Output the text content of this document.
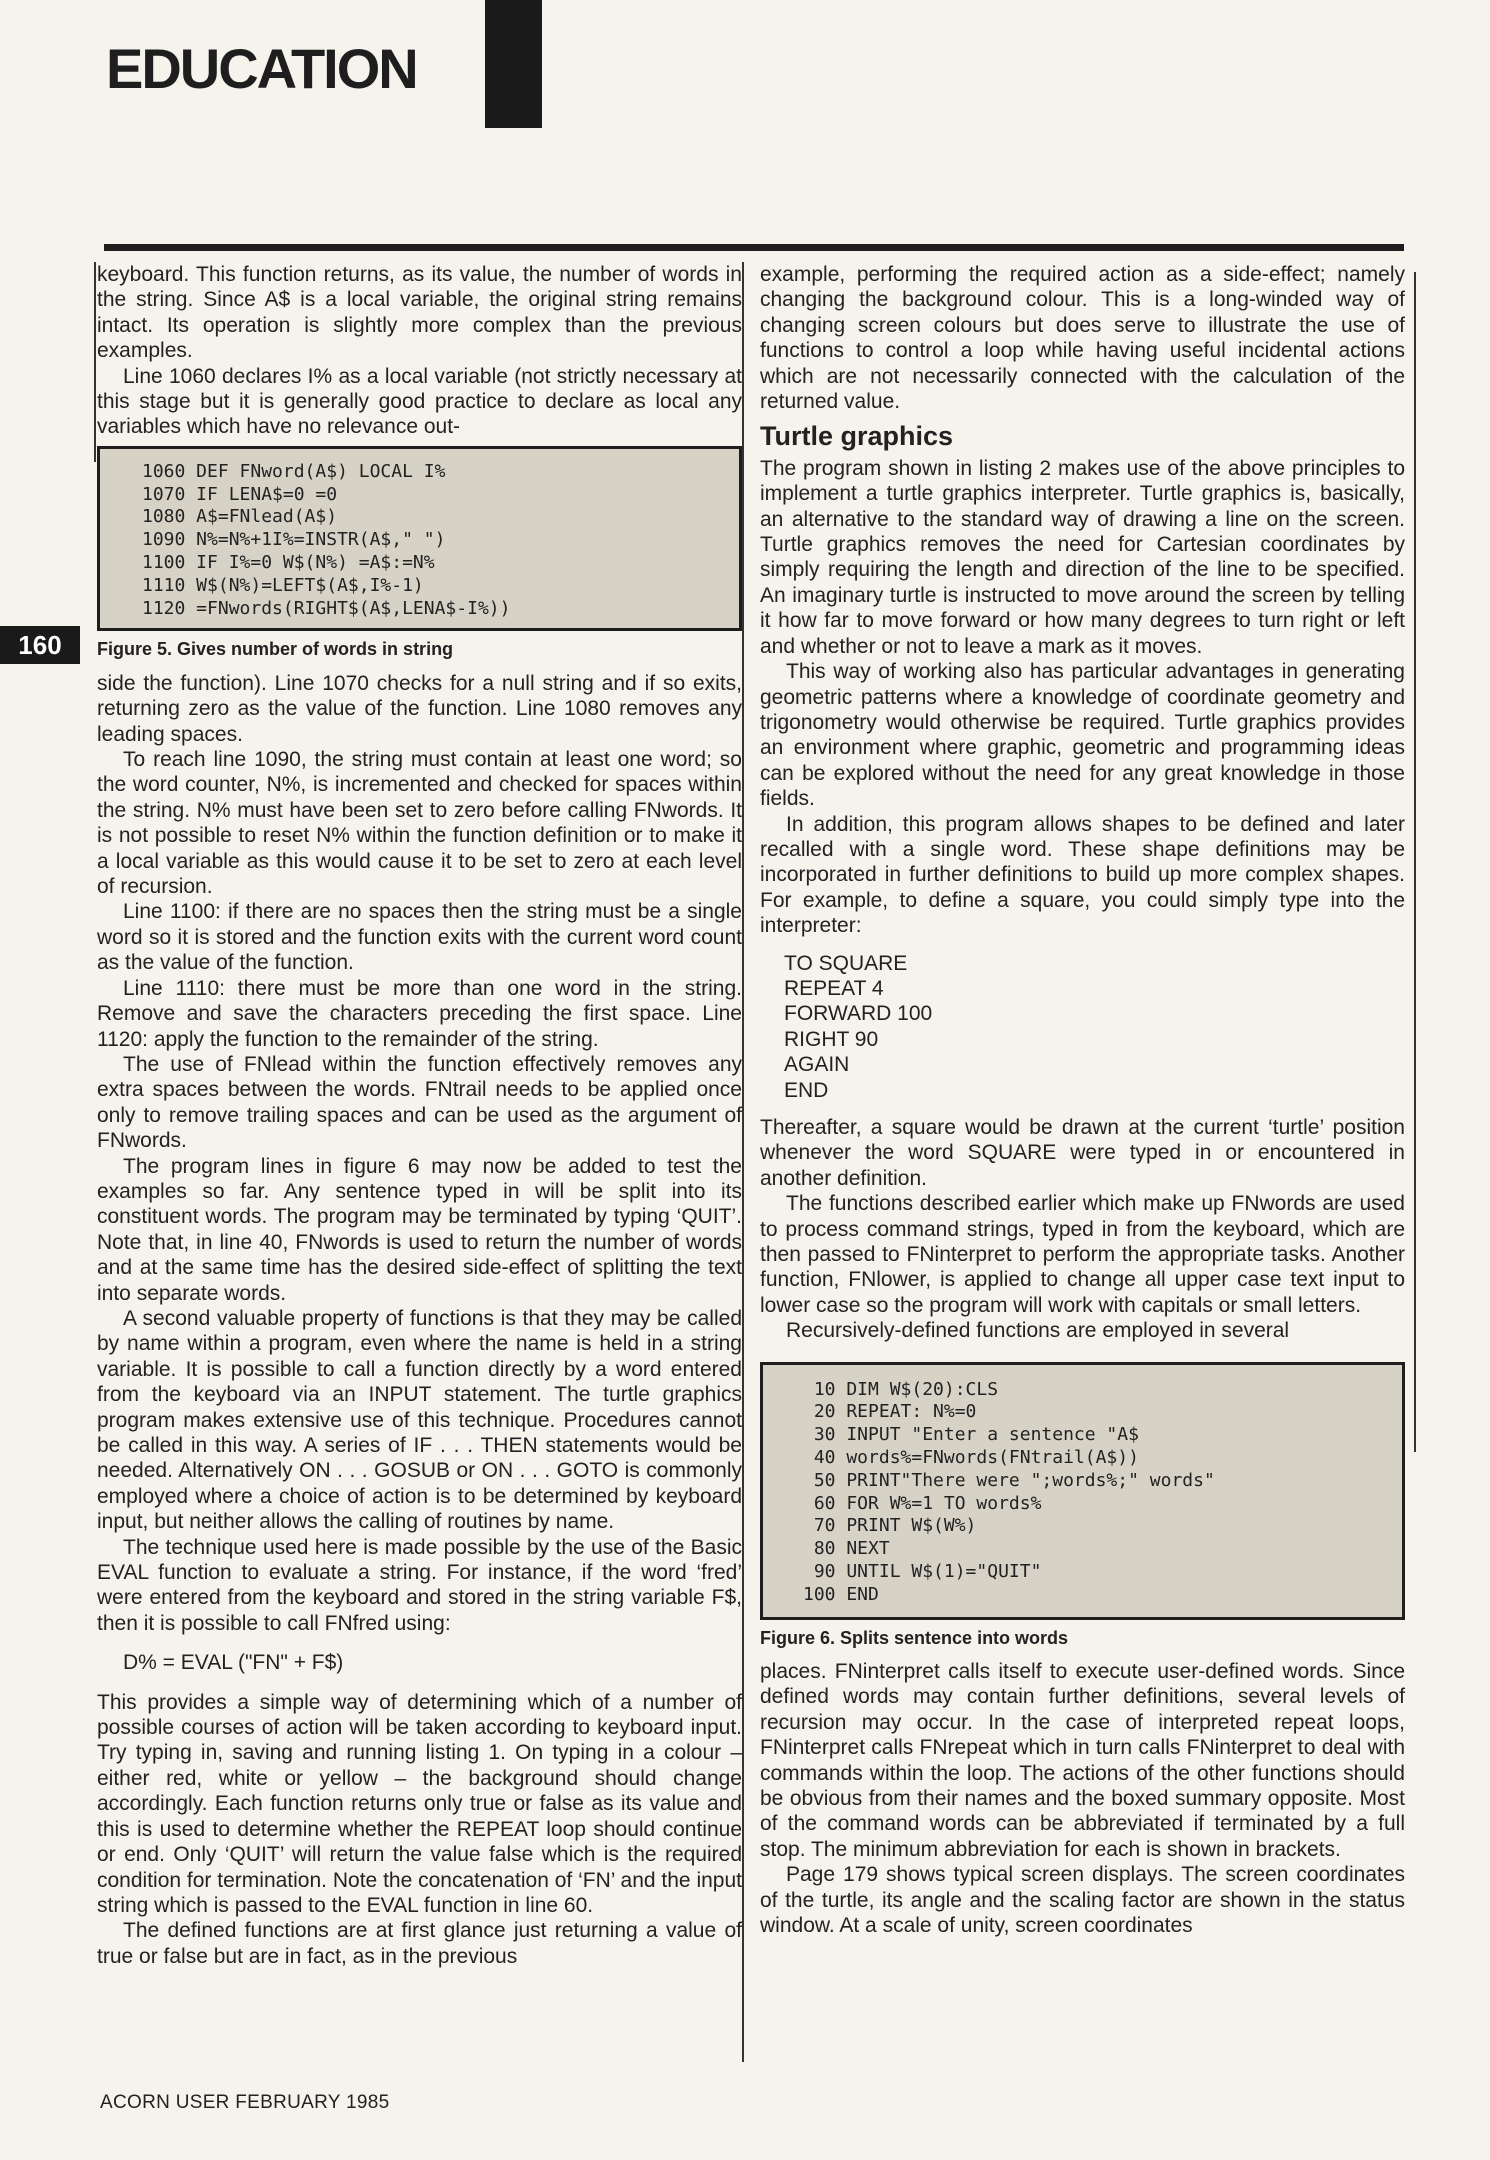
EDUCATION
160

keyboard. This function returns, as its value, the number of words in the string. Since A$ is a local variable, the original string remains intact. Its operation is slightly more complex than the previous examples.

Line 1060 declares I% as a local variable (not strictly necessary at this stage but it is generally good practice to declare as local any variables which have no relevance out-

1060 DEF FNword(A$) LOCAL I%
1070 IF LENA$=0 =0
1080 A$=FNlead(A$)
1090 N%=N%+1I%=INSTR(A$," ")
1100 IF I%=0 W$(N%) =A$:=N%
1110 W$(N%)=LEFT$(A$,I%-1)
1120 =FNwords(RIGHT$(A$,LENA$-I%))
Figure 5. Gives number of words in string

side the function). Line 1070 checks for a null string and if so exits, returning zero as the value of the function. Line 1080 removes any leading spaces.

To reach line 1090, the string must contain at least one word; so the word counter, N%, is incremented and checked for spaces within the string. N% must have been set to zero before calling FNwords. It is not possible to reset N% within the function definition or to make it a local variable as this would cause it to be set to zero at each level of recursion.

Line 1100: if there are no spaces then the string must be a single word so it is stored and the function exits with the current word count as the value of the function.

Line 1110: there must be more than one word in the string. Remove and save the characters preceding the first space. Line 1120: apply the function to the remainder of the string.

The use of FNlead within the function effectively removes any extra spaces between the words. FNtrail needs to be applied once only to remove trailing spaces and can be used as the argument of FNwords.

The program lines in figure 6 may now be added to test the examples so far. Any sentence typed in will be split into its constituent words. The program may be terminated by typing ‘QUIT’. Note that, in line 40, FNwords is used to return the number of words and at the same time has the desired side-effect of splitting the text into separate words.

A second valuable property of functions is that they may be called by name within a program, even where the name is held in a string variable. It is possible to call a function directly by a word entered from the keyboard via an INPUT statement. The turtle graphics program makes extensive use of this technique. Procedures cannot be called in this way. A series of IF . . . THEN statements would be needed. Alternatively ON . . . GOSUB or ON . . . GOTO is commonly employed where a choice of action is to be determined by keyboard input, but neither allows the calling of routines by name.

The technique used here is made possible by the use of the Basic EVAL function to evaluate a string. For instance, if the word ‘fred’ were entered from the keyboard and stored in the string variable F$, then it is possible to call FNfred using:

D% = EVAL ("FN" + F$)

This provides a simple way of determining which of a number of possible courses of action will be taken according to keyboard input. Try typing in, saving and running listing 1. On typing in a colour – either red, white or yellow – the background should change accordingly. Each function returns only true or false as its value and this is used to determine whether the REPEAT loop should continue or end. Only ‘QUIT’ will return the value false which is the required condition for termination. Note the concatenation of ‘FN’ and the input string which is passed to the EVAL function in line 60.

The defined functions are at first glance just returning a value of true or false but are in fact, as in the previous

example, performing the required action as a side-effect; namely changing the background colour. This is a long-winded way of changing screen colours but does serve to illustrate the use of functions to control a loop while having useful incidental actions which are not necessarily connected with the calculation of the returned value.

Turtle graphics

The program shown in listing 2 makes use of the above principles to implement a turtle graphics interpreter. Turtle graphics is, basically, an alternative to the standard way of drawing a line on the screen. Turtle graphics removes the need for Cartesian coordinates by simply requiring the length and direction of the line to be specified. An imaginary turtle is instructed to move around the screen by telling it how far to move forward or how many degrees to turn right or left and whether or not to leave a mark as it moves.

This way of working also has particular advantages in generating geometric patterns where a knowledge of coordinate geometry and trigonometry would otherwise be required. Turtle graphics provides an environment where graphic, geometric and programming ideas can be explored without the need for any great knowledge in those fields.

In addition, this program allows shapes to be defined and later recalled with a single word. These shape definitions may be incorporated in further definitions to build up more complex shapes. For example, to define a square, you could simply type into the interpreter:

TO SQUARE
REPEAT 4
FORWARD 100
RIGHT 90
AGAIN
END

Thereafter, a square would be drawn at the current ‘turtle’ position whenever the word SQUARE were typed in or encountered in another definition.

The functions described earlier which make up FNwords are used to process command strings, typed in from the keyboard, which are then passed to FNinterpret to perform the appropriate tasks. Another function, FNlower, is applied to change all upper case text input to lower case so the program will work with capitals or small letters.

Recursively-defined functions are employed in several

10 DIM W$(20):CLS
20 REPEAT: N%=0
30 INPUT "Enter a sentence "A$
40 words%=FNwords(FNtrail(A$))
50 PRINT"There were ";words%;" words"
60 FOR W%=1 TO words%
70 PRINT W$(W%)
80 NEXT
90 UNTIL W$(1)="QUIT"
100 END
Figure 6. Splits sentence into words

places. FNinterpret calls itself to execute user-defined words. Since defined words may contain further definitions, several levels of recursion may occur. In the case of interpreted repeat loops, FNinterpret calls FNrepeat which in turn calls FNinterpret to deal with commands within the loop. The actions of the other functions should be obvious from their names and the boxed summary opposite. Most of the command words can be abbreviated if terminated by a full stop. The minimum abbreviation for each is shown in brackets.

Page 179 shows typical screen displays. The screen coordinates of the turtle, its angle and the scaling factor are shown in the status window. At a scale of unity, screen coordinates

ACORN USER FEBRUARY 1985
